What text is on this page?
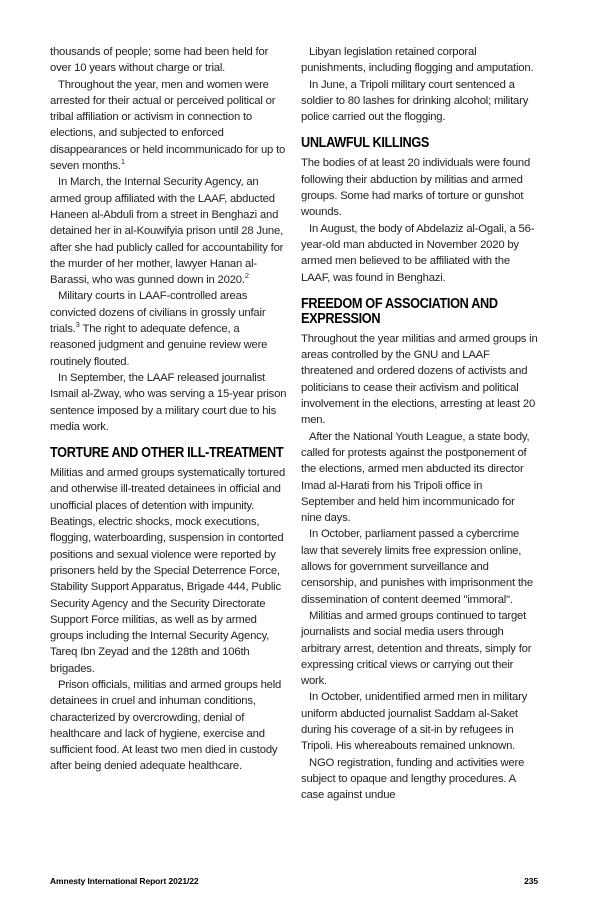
thousands of people; some had been held for over 10 years without charge or trial.

Throughout the year, men and women were arrested for their actual or perceived political or tribal affiliation or activism in connection to elections, and subjected to enforced disappearances or held incommunicado for up to seven months.$^1$

In March, the Internal Security Agency, an armed group affiliated with the LAAF, abducted Haneen al-Abduli from a street in Benghazi and detained her in al-Kouwifyia prison until 28 June, after she had publicly called for accountability for the murder of her mother, lawyer Hanan al-Barassi, who was gunned down in 2020.$^2$

Military courts in LAAF-controlled areas convicted dozens of civilians in grossly unfair trials.$^3$ The right to adequate defence, a reasoned judgment and genuine review were routinely flouted.

In September, the LAAF released journalist Ismail al-Zway, who was serving a 15-year prison sentence imposed by a military court due to his media work.

TORTURE AND OTHER ILL-TREATMENT

Militias and armed groups systematically tortured and otherwise ill-treated detainees in official and unofficial places of detention with impunity. Beatings, electric shocks, mock executions, flogging, waterboarding, suspension in contorted positions and sexual violence were reported by prisoners held by the Special Deterrence Force, Stability Support Apparatus, Brigade 444, Public Security Agency and the Security Directorate Support Force militias, as well as by armed groups including the Internal Security Agency, Tareq Ibn Zeyad and the 128th and 106th brigades.

Prison officials, militias and armed groups held detainees in cruel and inhuman conditions, characterized by overcrowding, denial of healthcare and lack of hygiene, exercise and sufficient food. At least two men died in custody after being denied adequate healthcare.

Libyan legislation retained corporal punishments, including flogging and amputation.

In June, a Tripoli military court sentenced a soldier to 80 lashes for drinking alcohol; military police carried out the flogging.

UNLAWFUL KILLINGS

The bodies of at least 20 individuals were found following their abduction by militias and armed groups. Some had marks of torture or gunshot wounds.

In August, the body of Abdelaziz al-Ogali, a 56-year-old man abducted in November 2020 by armed men believed to be affiliated with the LAAF, was found in Benghazi.

FREEDOM OF ASSOCIATION AND EXPRESSION

Throughout the year militias and armed groups in areas controlled by the GNU and LAAF threatened and ordered dozens of activists and politicians to cease their activism and political involvement in the elections, arresting at least 20 men.

After the National Youth League, a state body, called for protests against the postponement of the elections, armed men abducted its director Imad al-Harati from his Tripoli office in September and held him incommunicado for nine days.

In October, parliament passed a cybercrime law that severely limits free expression online, allows for government surveillance and censorship, and punishes with imprisonment the dissemination of content deemed "immoral".

Militias and armed groups continued to target journalists and social media users through arbitrary arrest, detention and threats, simply for expressing critical views or carrying out their work.

In October, unidentified armed men in military uniform abducted journalist Saddam al-Saket during his coverage of a sit-in by refugees in Tripoli. His whereabouts remained unknown.

NGO registration, funding and activities were subject to opaque and lengthy procedures. A case against undue

Amnesty International Report 2021/22	235
